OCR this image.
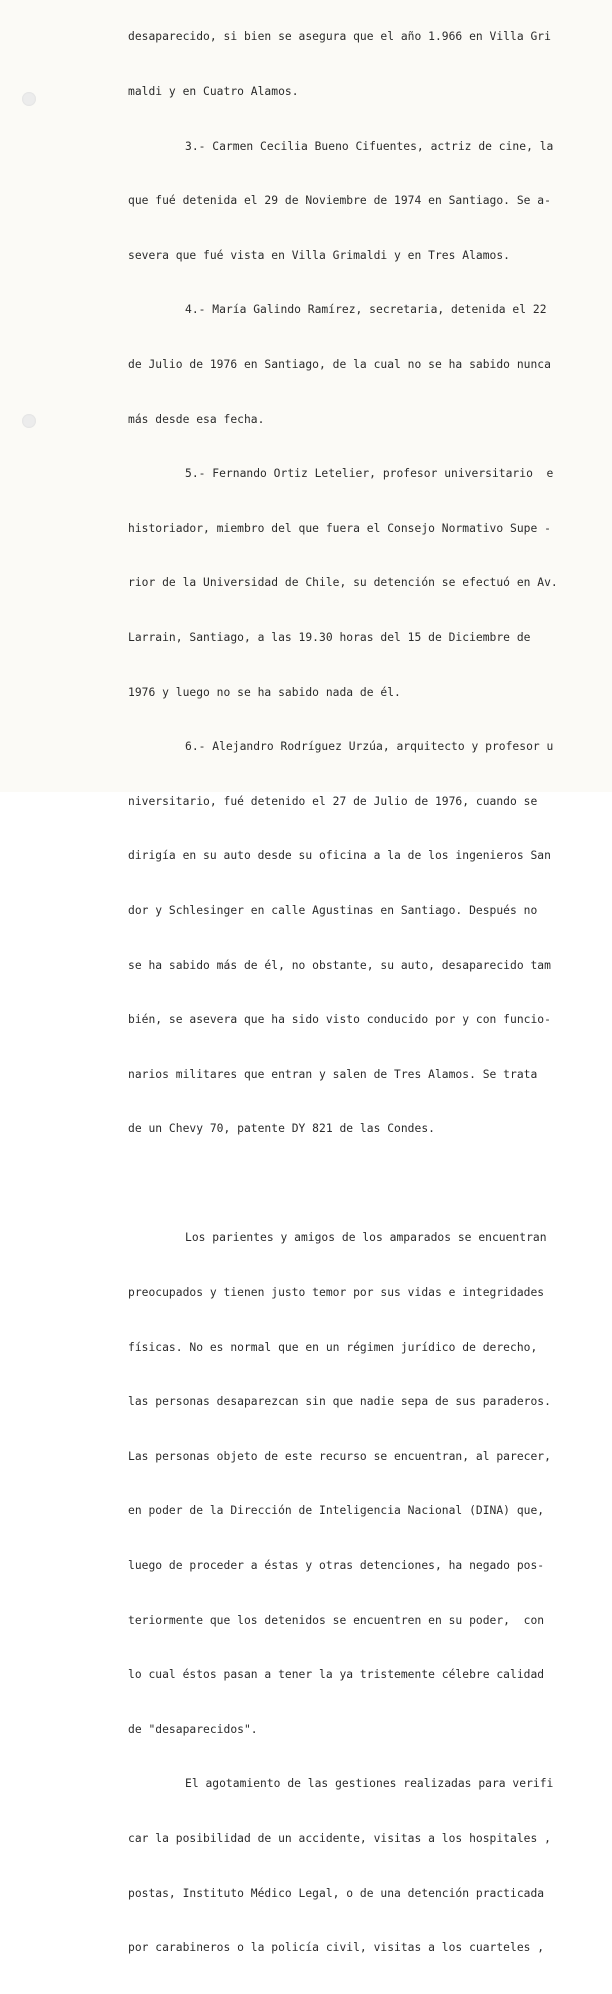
desaparecido, si bien se asegura que el año 1.966 en Villa Gri

maldi y en Cuatro Alamos.

3.- Carmen Cecilia Bueno Cifuentes, actriz de cine, la

que fué detenida el 29 de Noviembre de 1974 en Santiago. Se a-

severa que fué vista en Villa Grimaldi y en Tres Alamos.

4.- María Galindo Ramírez, secretaria, detenida el 22

de Julio de 1976 en Santiago, de la cual no se ha sabido nunca

más desde esa fecha.

5.- Fernando Ortiz Letelier, profesor universitario  e

historiador, miembro del que fuera el Consejo Normativo Supe -

rior de la Universidad de Chile, su detención se efectuó en Av.

Larrain, Santiago, a las 19.30 horas del 15 de Diciembre de

1976 y luego no se ha sabido nada de él.

6.- Alejandro Rodríguez Urzúa, arquitecto y profesor u

niversitario, fué detenido el 27 de Julio de 1976, cuando se

dirigía en su auto desde su oficina a la de los ingenieros San

dor y Schlesinger en calle Agustinas en Santiago. Después no

se ha sabido más de él, no obstante, su auto, desaparecido tam

bién, se asevera que ha sido visto conducido por y con funcio-

narios militares que entran y salen de Tres Alamos. Se trata

de un Chevy 70, patente DY 821 de las Condes.

Los parientes y amigos de los amparados se encuentran

preocupados y tienen justo temor por sus vidas e integridades

físicas. No es normal que en un régimen jurídico de derecho,

las personas desaparezcan sin que nadie sepa de sus paraderos.

Las personas objeto de este recurso se encuentran, al parecer,

en poder de la Dirección de Inteligencia Nacional (DINA) que,

luego de proceder a éstas y otras detenciones, ha negado pos-

teriormente que los detenidos se encuentren en su poder,  con

lo cual éstos pasan a tener la ya tristemente célebre calidad

de "desaparecidos".

El agotamiento de las gestiones realizadas para verifi

car la posibilidad de un accidente, visitas a los hospitales ,

postas, Instituto Médico Legal, o de una detención practicada

por carabineros o la policía civil, visitas a los cuarteles ,
